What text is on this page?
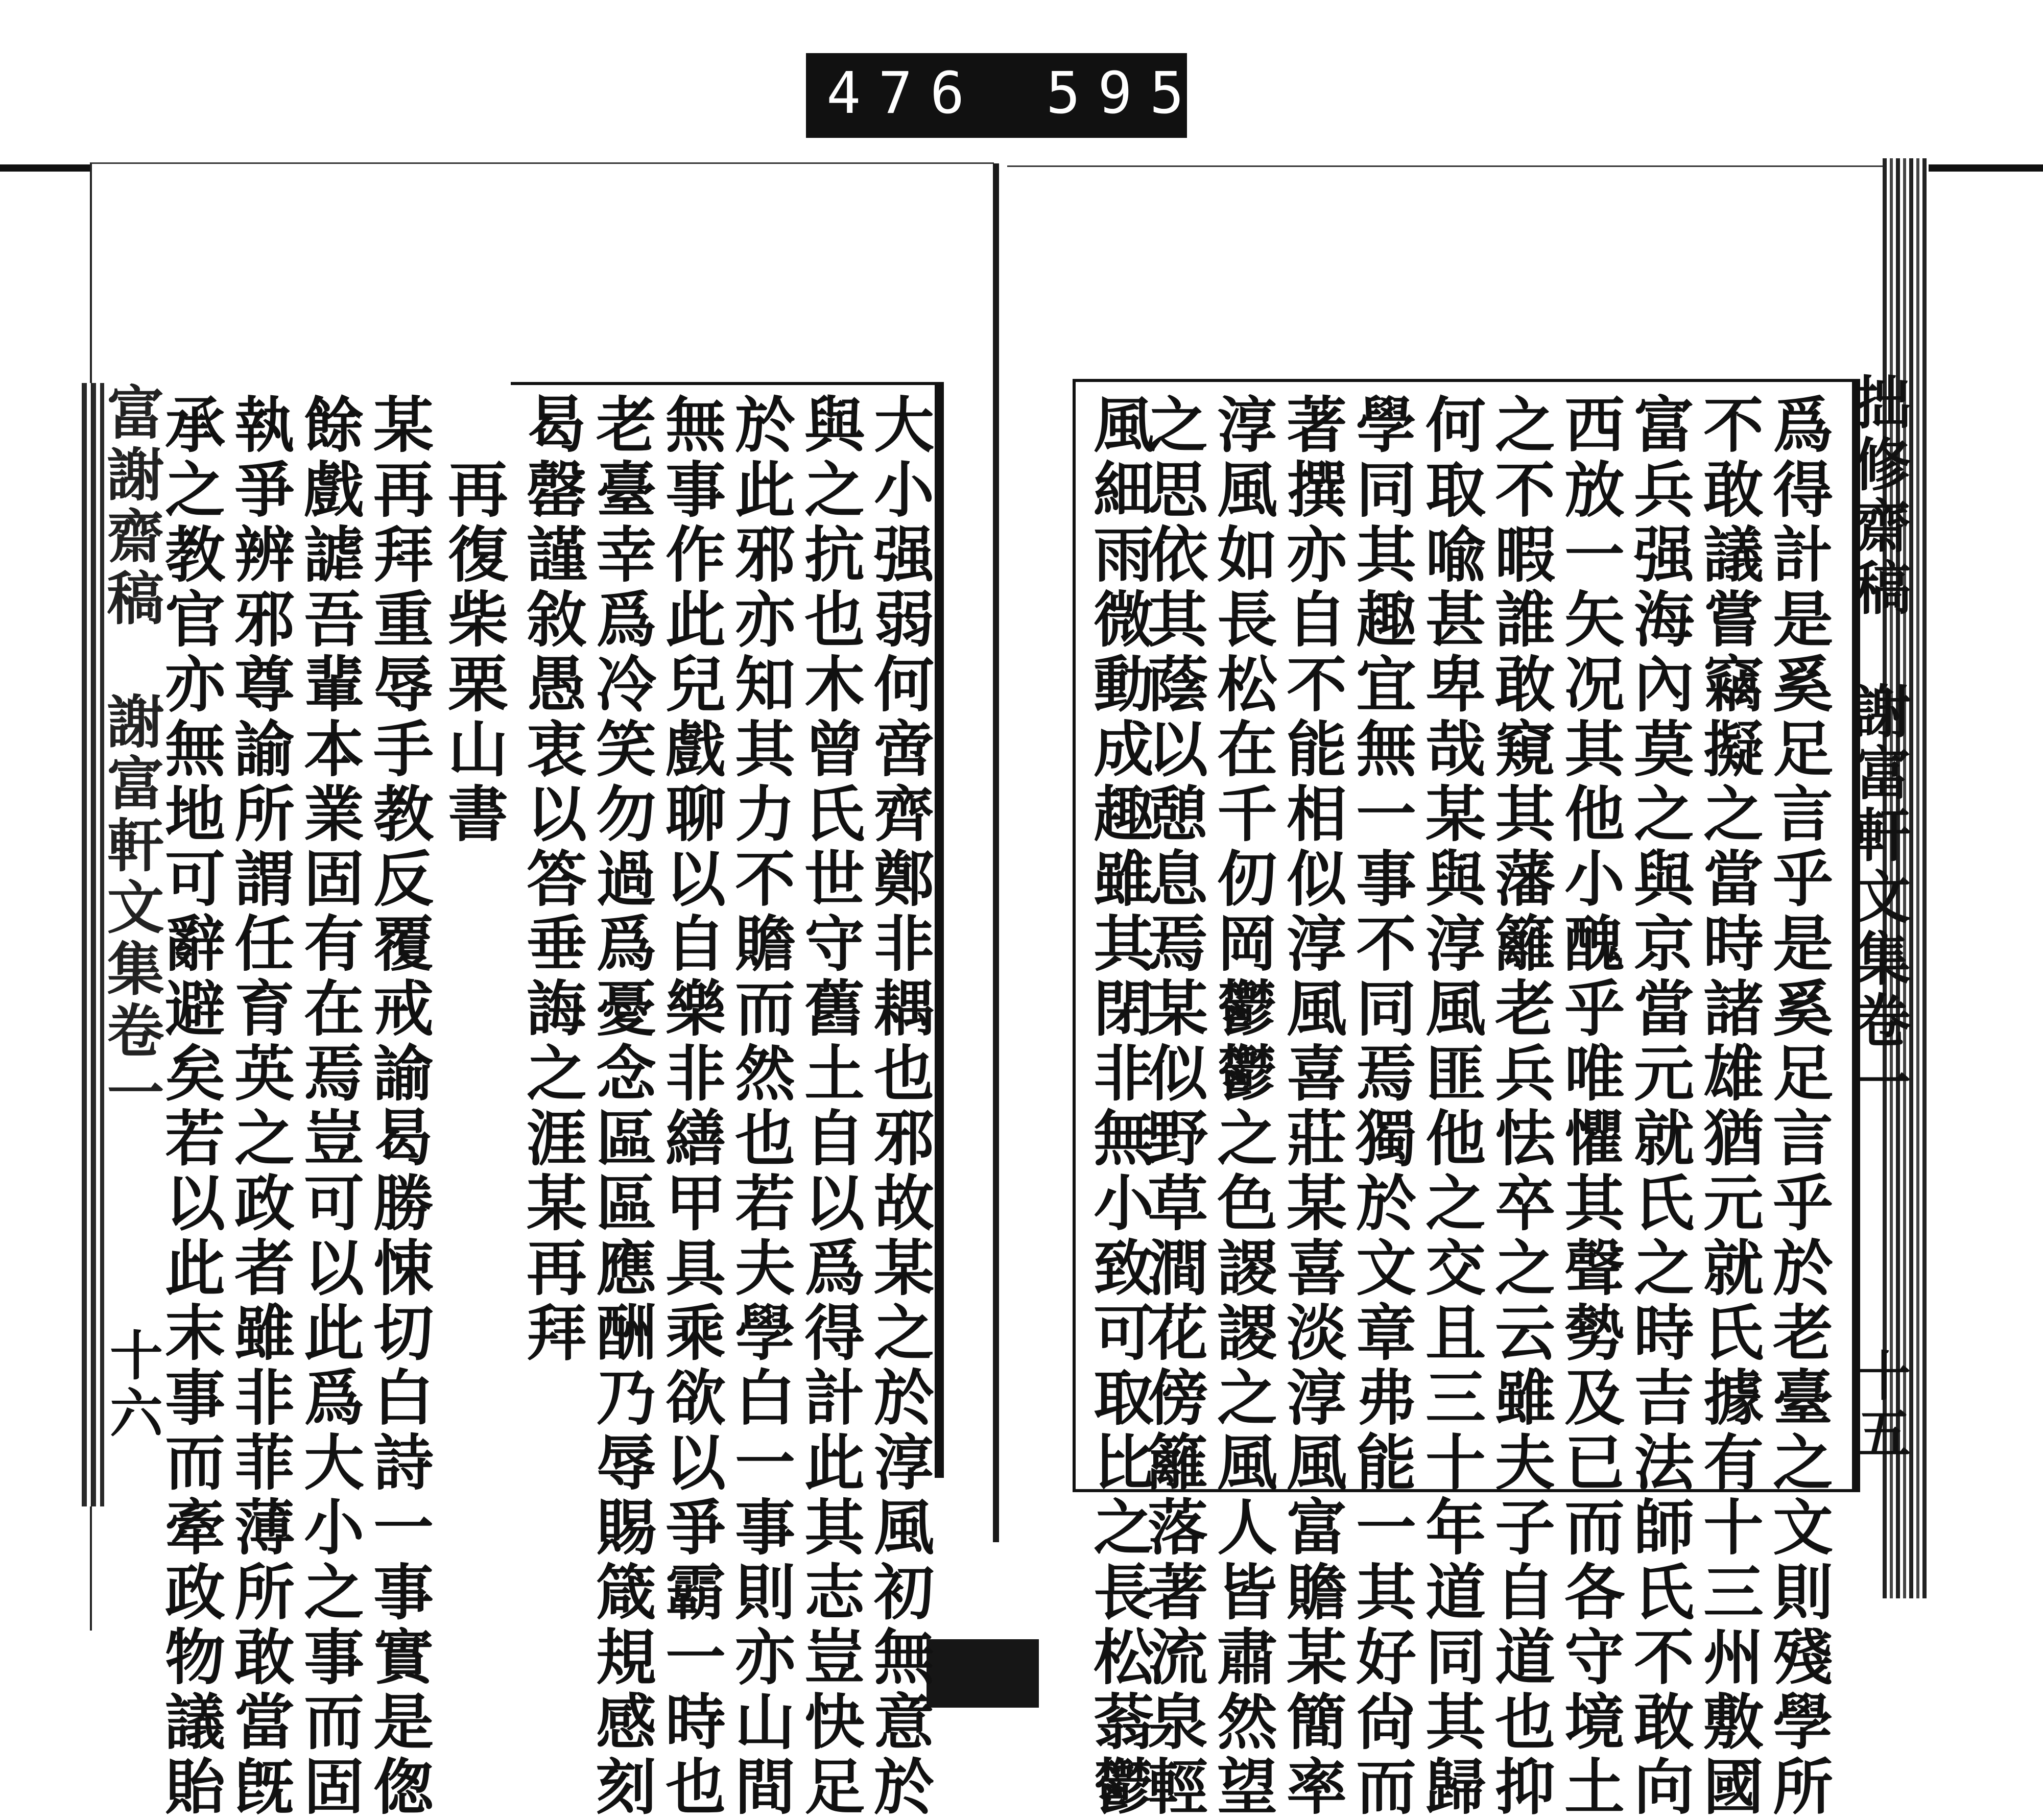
476 595
拙修齋稿　謝富軒文集卷一
十五
爲得計是奚足言乎是奚足言乎於老臺之文則殘學所
不敢議嘗竊擬之當時諸雄猶元就氏據有十三州敷國
富兵强海內莫之與京當元就氏之時吉法師氏不敢向
西放一矢况其他小醜乎唯懼其聲勢及已而各守境土
之不暇誰敢窺其藩籬老兵怯卒之云雖夫子自道也抑
何取喩甚卑哉某與淳風匪他之交且三十年道同其歸
學同其趣宜無一事不同焉獨於文章弗能一其好尙而
著撰亦自不能相似淳風喜莊某喜淡淳風富贍某簡率
淳風如長松在千仞岡鬱鬱之色謖謖之風人皆肅然望
之思依其蔭以憩息焉某似野草澗花傍籬落著流泉輕
風細雨微動成趣雖其閉非無小致可取比之長松蓊鬱
大小强弱何啻齊鄭非耦也邪故某之於淳風初無意於
與之抗也木曾氏世守舊土自以爲得計此其志豈快足
於此邪亦知其力不贍而然也若夫學白一事則亦山間
無事作此兒戲聊以自樂非繕甲具乘欲以爭霸一時也
老臺幸爲冷笑勿過爲憂念區區應酬乃辱賜箴規感刻
曷罄謹敘愚衷以答垂誨之涯某再拜
　再復柴栗山書
某再拜重辱手教反覆戒諭曷勝悚切白詩一事實是偬
餘戲謔吾輩本業固有在焉豈可以此爲大小之事而固
執爭辨邪尊諭所謂任育英之政者雖非菲薄所敢當旣
承之教官亦無地可辭避矣若以此末事而牽政物議貽
富謝齋稿　謝富軒文集卷一
十六
